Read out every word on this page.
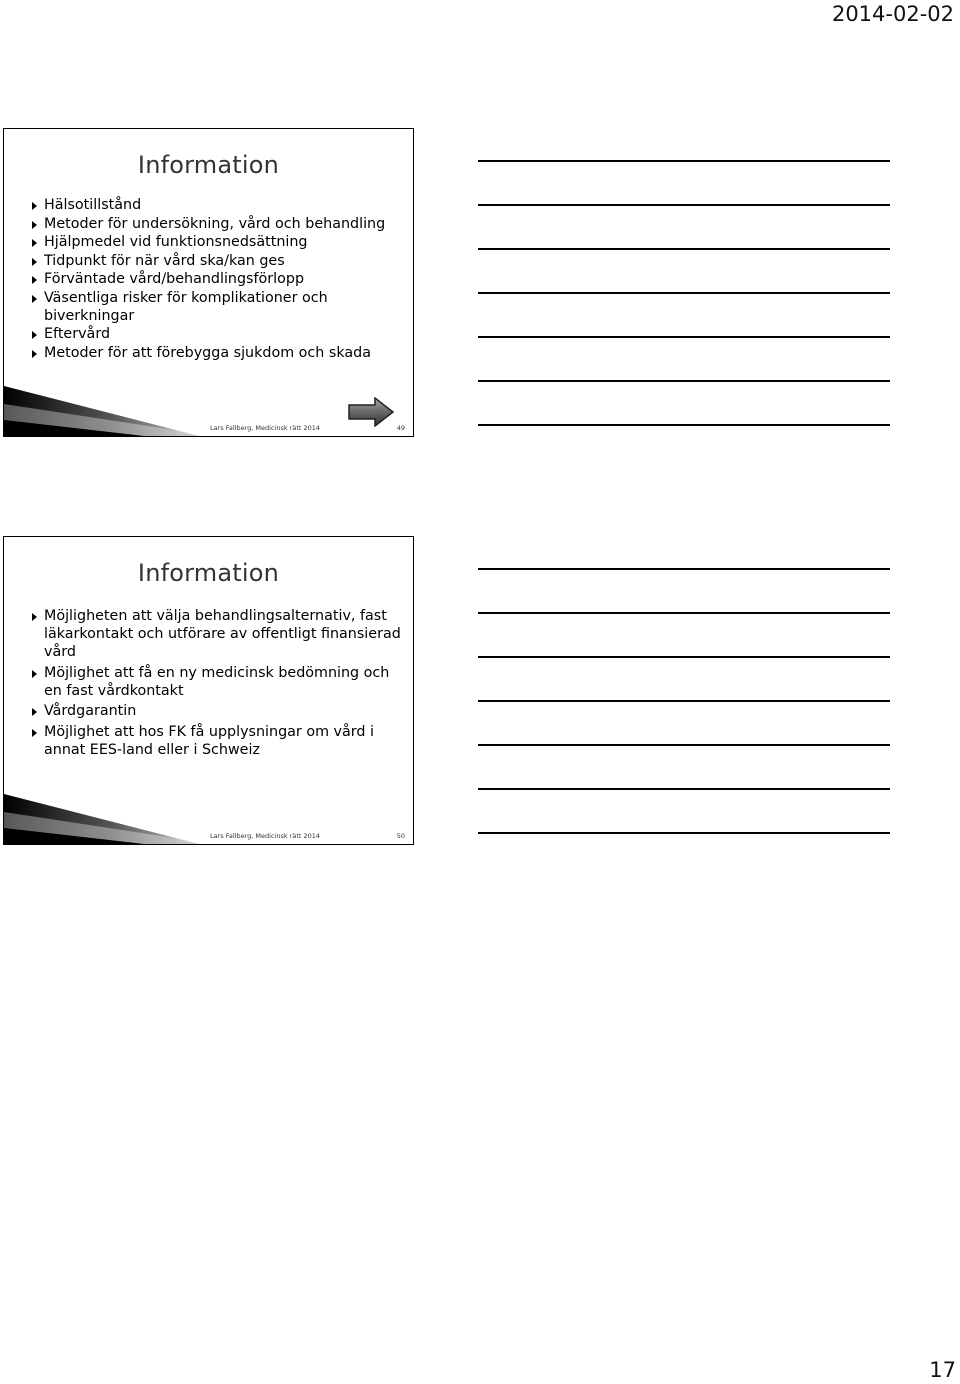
2014-02-02
Information
Hälsotillstånd
Metoder för undersökning, vård och behandling
Hjälpmedel vid funktionsnedsättning
Tidpunkt för när vård ska/kan ges
Förväntade vård/behandlingsförlopp
Väsentliga risker för komplikationer och biverkningar
Eftervård
Metoder för att förebygga sjukdom och skada
Lars Fallberg, Medicinsk rätt 2014	49
Information
Möjligheten att välja behandlingsalternativ, fast läkarkontakt och utförare av offentligt finansierad vård
Möjlighet att få en ny medicinsk bedömning och en fast vårdkontakt
Vårdgarantin
Möjlighet att hos FK få upplysningar om vård i annat EES-land eller i Schweiz
Lars Fallberg, Medicinsk rätt 2014	50
17
